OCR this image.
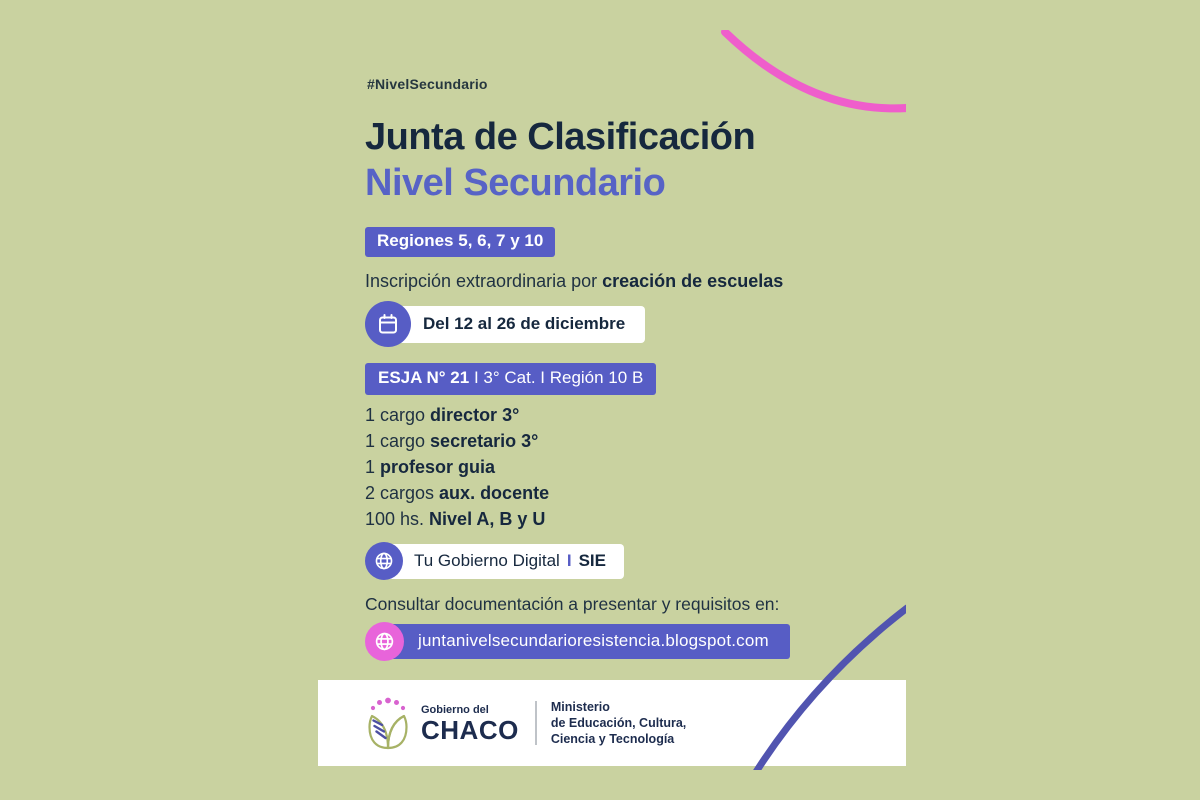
#NivelSecundario
Junta de Clasificación
Nivel Secundario
Regiones 5, 6, 7 y 10

Inscripción extraordinaria por creación de escuelas

Del 12 al 26 de diciembre
ESJA N° 21 I 3° Cat. I Región 10 B
1 cargo director 3°
1 cargo secretario 3°
1 profesor guia
2 cargos aux. docente
100 hs. Nivel A, B y U
Tu Gobierno Digital I SIE

Consultar documentación a presentar y requisitos en:

juntanivelsecundarioresistencia.blogspot.com
Gobierno del
CHACO
Ministerio
de Educación, Cultura,
Ciencia y Tecnología
